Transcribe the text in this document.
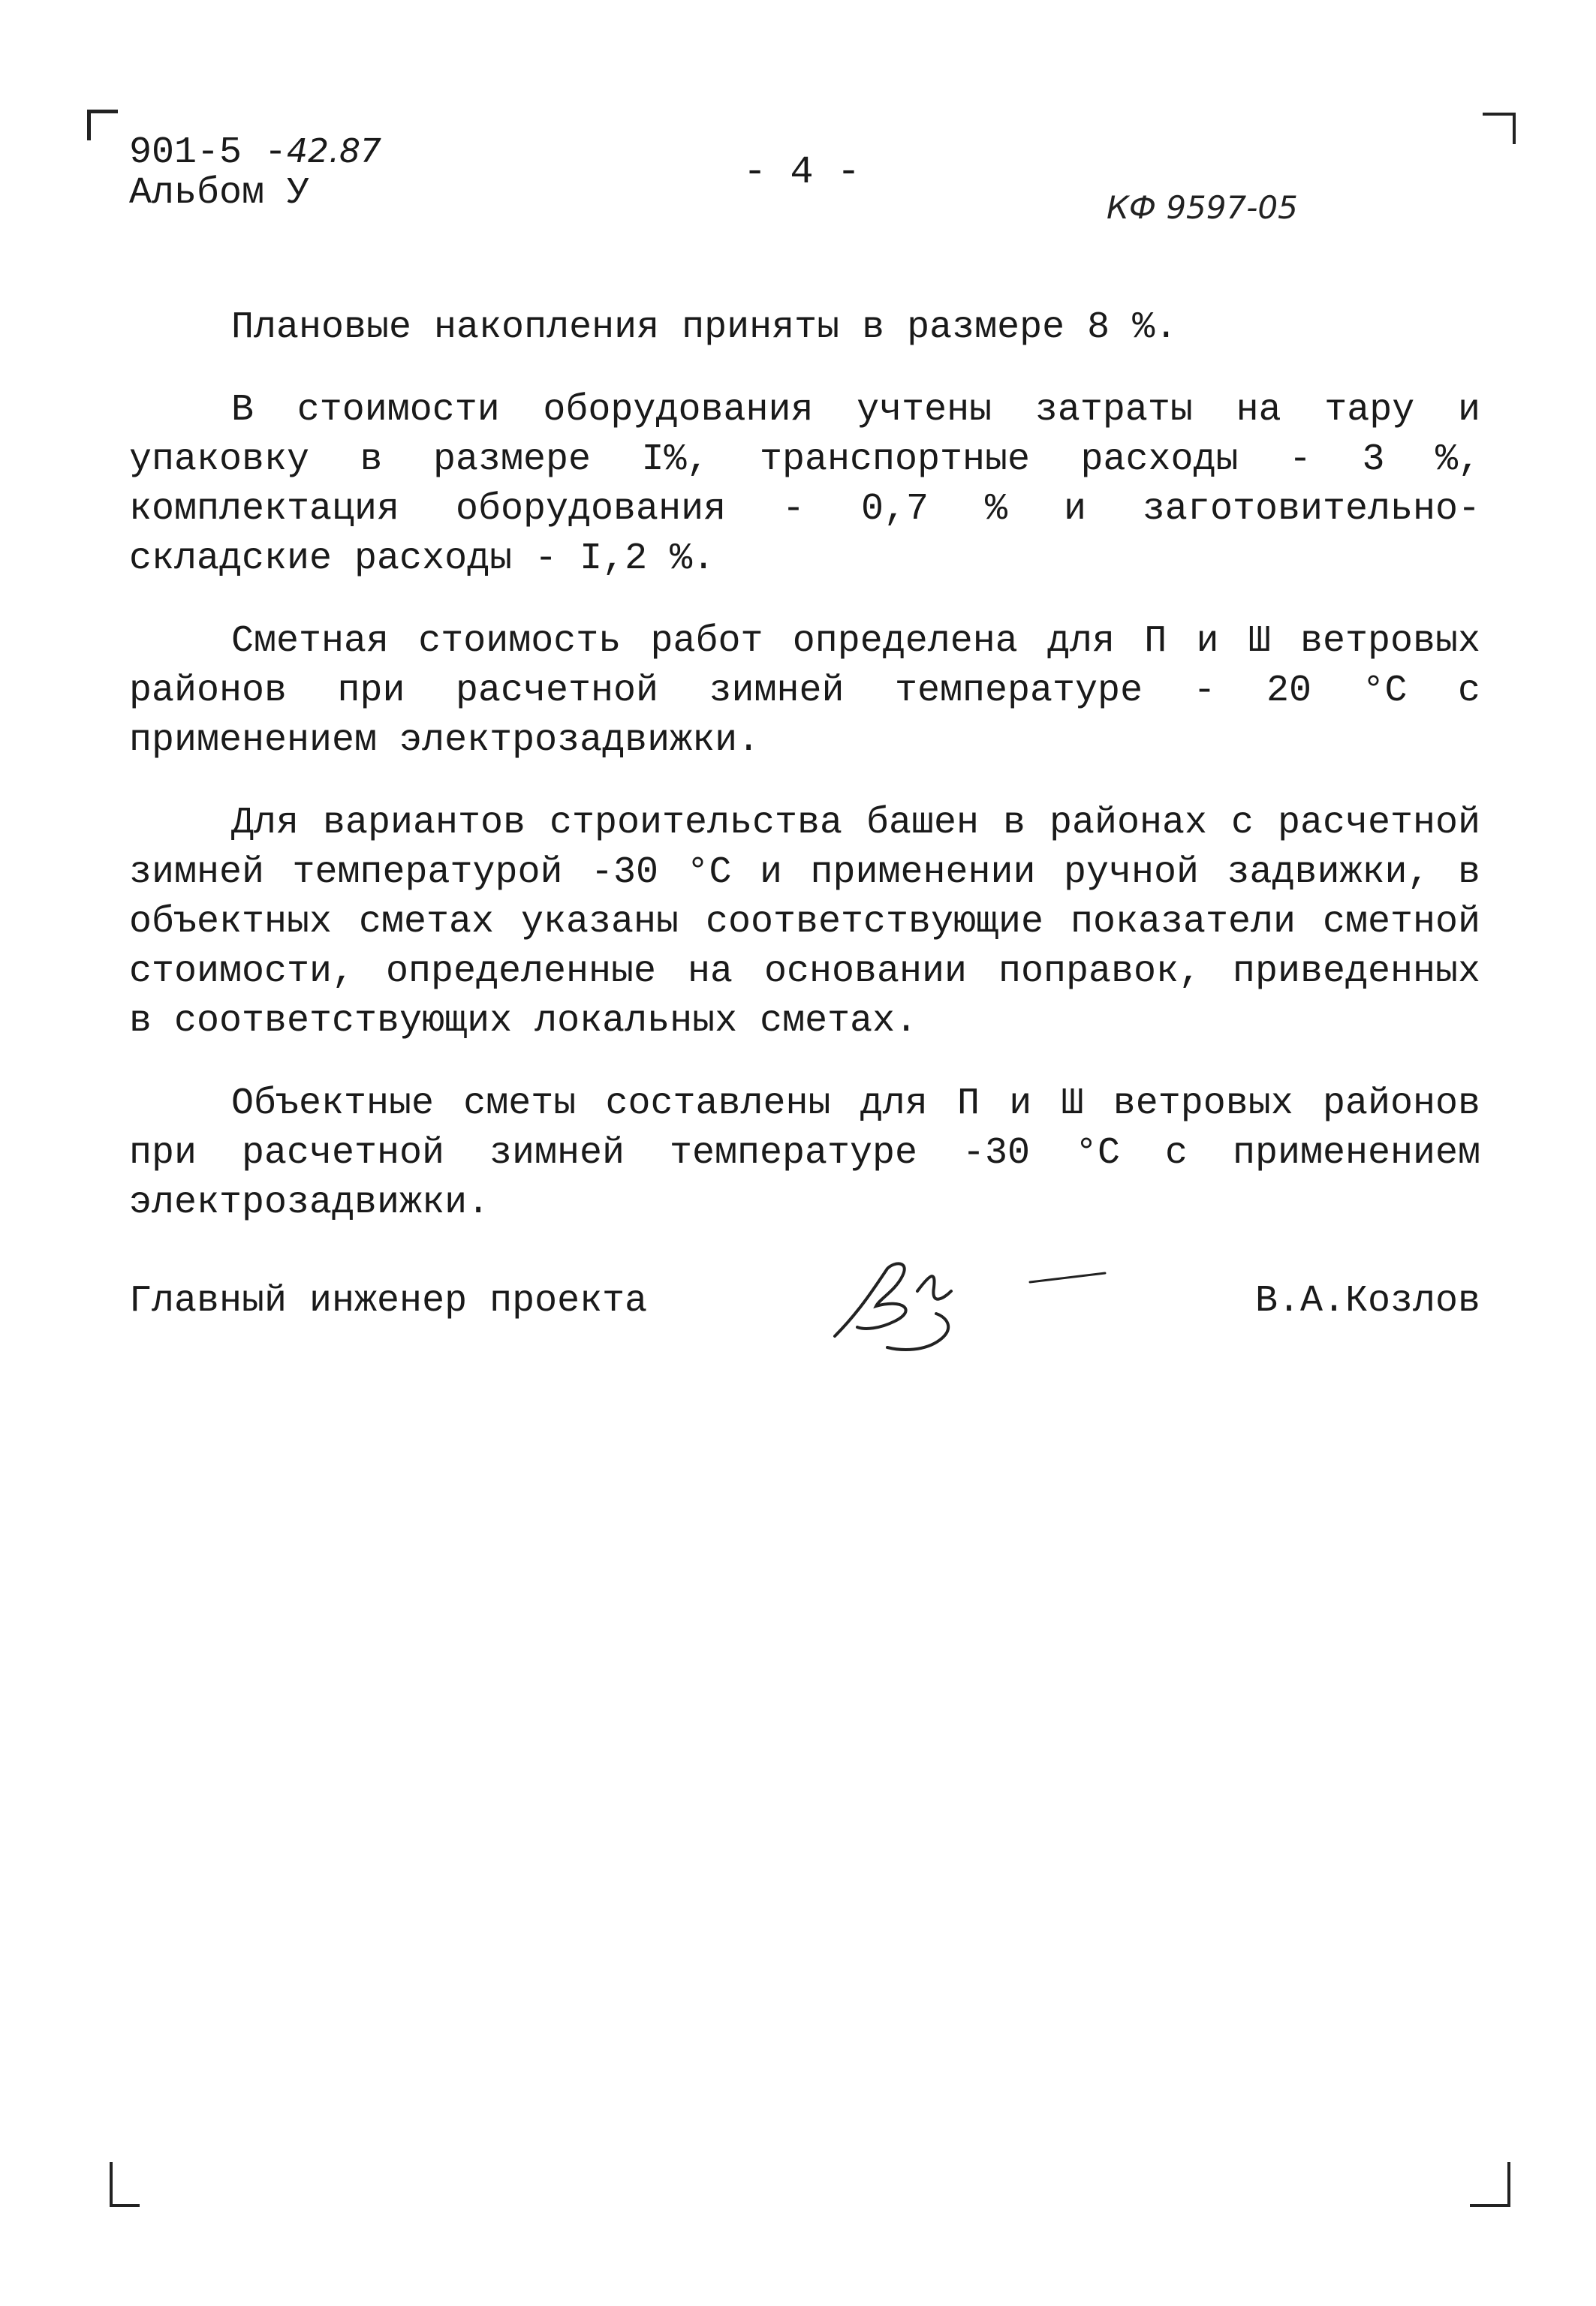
901-5 -42.87
Альбом У	- 4 -
КФ 9597-05

Плановые накопления приняты в размере 8 %.

В стоимости оборудования учтены затраты на тару и упаковку в размере I%, транспортные расходы - 3 %, комплектация оборудования - 0,7 % и заготовительно-складские расходы - I,2 %.

Сметная стоимость работ определена для П и Ш ветровых районов при расчетной зимней температуре - 20 °С с применением электрозадвижки.

Для вариантов строительства башен в районах с расчетной зимней температурой -30 °С и применении ручной задвижки, в объектных сметах указаны соответствующие показатели сметной стоимости, определенные на основании поправок, приведенных в соответствующих локальных сметах.

Объектные сметы составлены для П и Ш ветровых районов при расчетной зимней температуре -30 °С с применением электрозадвижки.

Главный инженер проекта	В.А.Козлов
